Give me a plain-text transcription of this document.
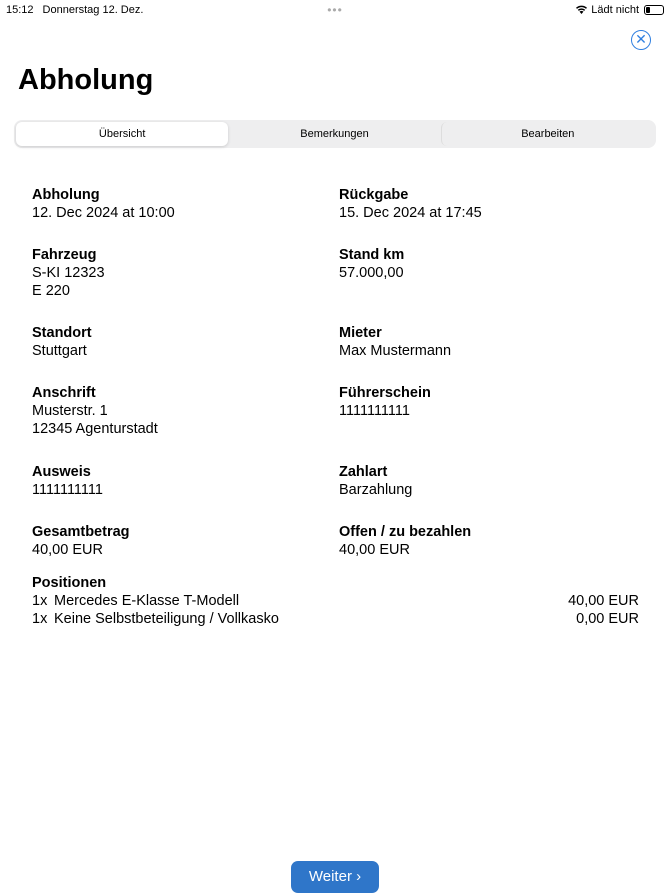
15:12 Donnerstag 12. Dez.	•••	Lädt nicht
✕
Abholung
Übersicht	Bemerkungen	Bearbeiten
Abholung
12. Dec 2024 at 10:00
Rückgabe
15. Dec 2024 at 17:45
Fahrzeug
S-KI 12323
E 220
Stand km
57.000,00
Standort
Stuttgart
Mieter
Max Mustermann
Anschrift
Musterstr. 1
12345 Agenturstadt
Führerschein
1111111111
Ausweis
1111111111
Zahlart
Barzahlung
Gesamtbetrag
40,00 EUR
Offen / zu bezahlen
40,00 EUR
Positionen
1x Mercedes E-Klasse T-Modell	40,00 EUR
1x Keine Selbstbeteiligung / Vollkasko	0,00 EUR
Weiter ›
